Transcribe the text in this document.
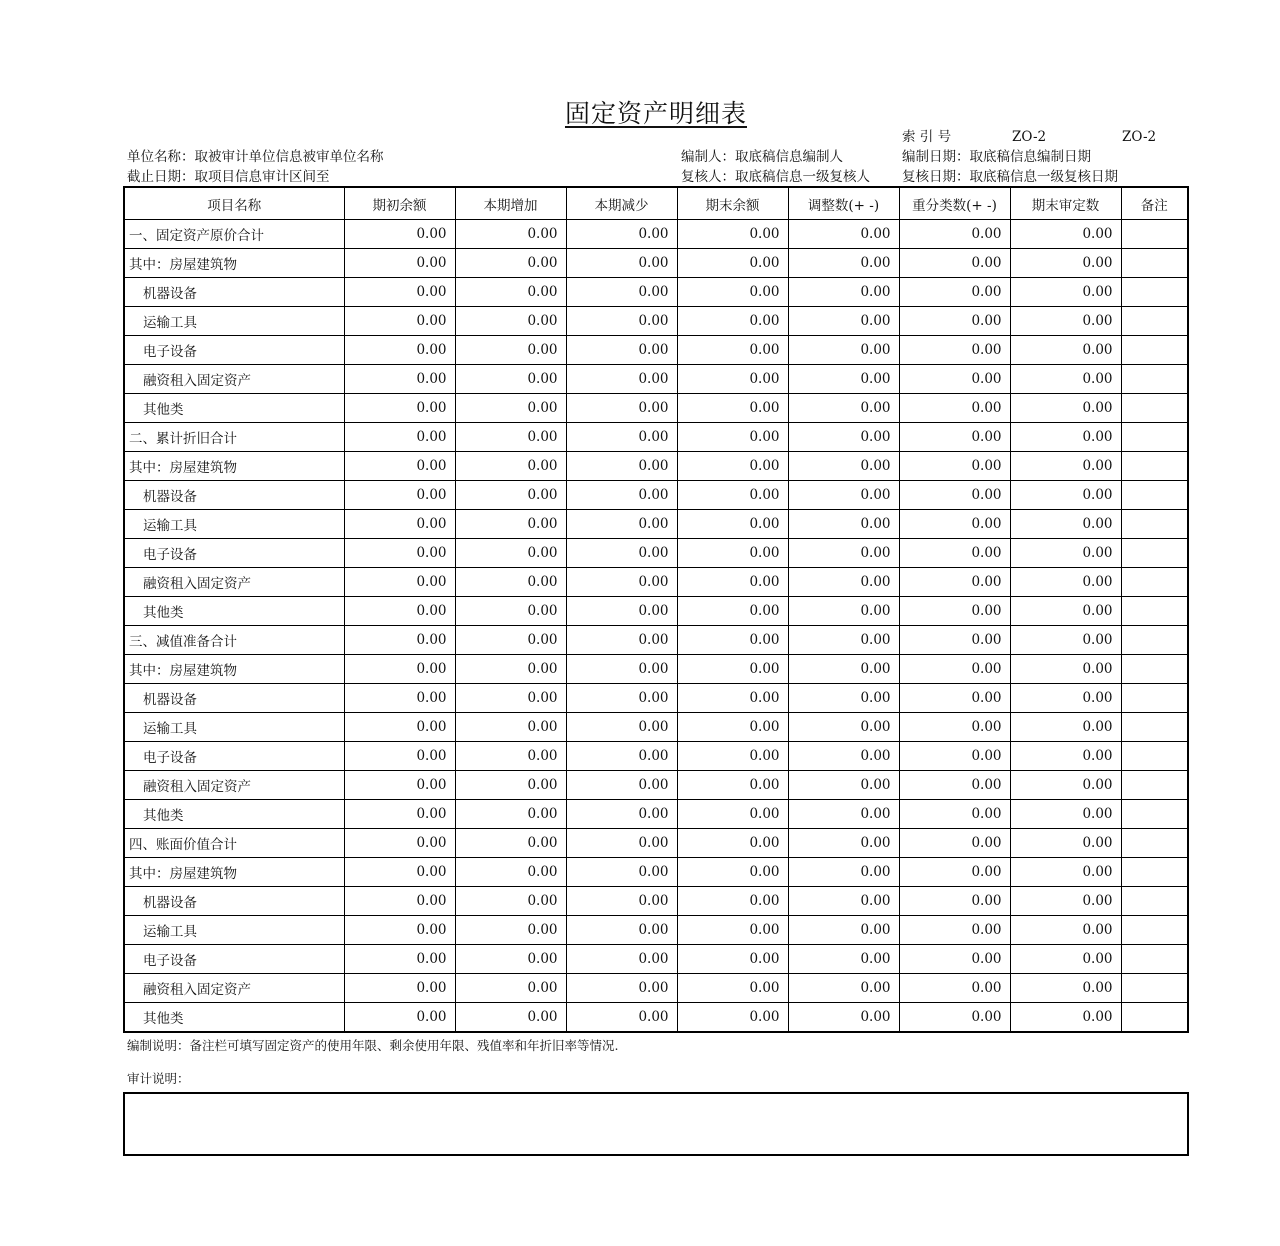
固定资产明细表
索 引 号	ZO-2	ZO-2
单位名称：取被审计单位信息被审单位名称	编制人：取底稿信息编制人	编制日期：取底稿信息编制日期
截止日期：取项目信息审计区间至	复核人：取底稿信息一级复核人 复核日期：取底稿信息一级复核日期
项目名称	期初余额	本期增加	本期减少	期末余额	调整数(+ -)	重分类数(+ -)	期末审定数	备注
一、固定资产原价合计	0.00	0.00	0.00	0.00	0.00	0.00	0.00	
其中：房屋建筑物	0.00	0.00	0.00	0.00	0.00	0.00	0.00	
机器设备	0.00	0.00	0.00	0.00	0.00	0.00	0.00	
运输工具	0.00	0.00	0.00	0.00	0.00	0.00	0.00	
电子设备	0.00	0.00	0.00	0.00	0.00	0.00	0.00	
融资租入固定资产	0.00	0.00	0.00	0.00	0.00	0.00	0.00	
其他类	0.00	0.00	0.00	0.00	0.00	0.00	0.00	
二、累计折旧合计	0.00	0.00	0.00	0.00	0.00	0.00	0.00	
其中：房屋建筑物	0.00	0.00	0.00	0.00	0.00	0.00	0.00	
机器设备	0.00	0.00	0.00	0.00	0.00	0.00	0.00	
运输工具	0.00	0.00	0.00	0.00	0.00	0.00	0.00	
电子设备	0.00	0.00	0.00	0.00	0.00	0.00	0.00	
融资租入固定资产	0.00	0.00	0.00	0.00	0.00	0.00	0.00	
其他类	0.00	0.00	0.00	0.00	0.00	0.00	0.00	
三、减值准备合计	0.00	0.00	0.00	0.00	0.00	0.00	0.00	
其中：房屋建筑物	0.00	0.00	0.00	0.00	0.00	0.00	0.00	
机器设备	0.00	0.00	0.00	0.00	0.00	0.00	0.00	
运输工具	0.00	0.00	0.00	0.00	0.00	0.00	0.00	
电子设备	0.00	0.00	0.00	0.00	0.00	0.00	0.00	
融资租入固定资产	0.00	0.00	0.00	0.00	0.00	0.00	0.00	
其他类	0.00	0.00	0.00	0.00	0.00	0.00	0.00	
四、账面价值合计	0.00	0.00	0.00	0.00	0.00	0.00	0.00	
其中：房屋建筑物	0.00	0.00	0.00	0.00	0.00	0.00	0.00	
机器设备	0.00	0.00	0.00	0.00	0.00	0.00	0.00	
运输工具	0.00	0.00	0.00	0.00	0.00	0.00	0.00	
电子设备	0.00	0.00	0.00	0.00	0.00	0.00	0.00	
融资租入固定资产	0.00	0.00	0.00	0.00	0.00	0.00	0.00	
其他类	0.00	0.00	0.00	0.00	0.00	0.00	0.00	
编制说明：备注栏可填写固定资产的使用年限、剩余使用年限、残值率和年折旧率等情况.
审计说明：
